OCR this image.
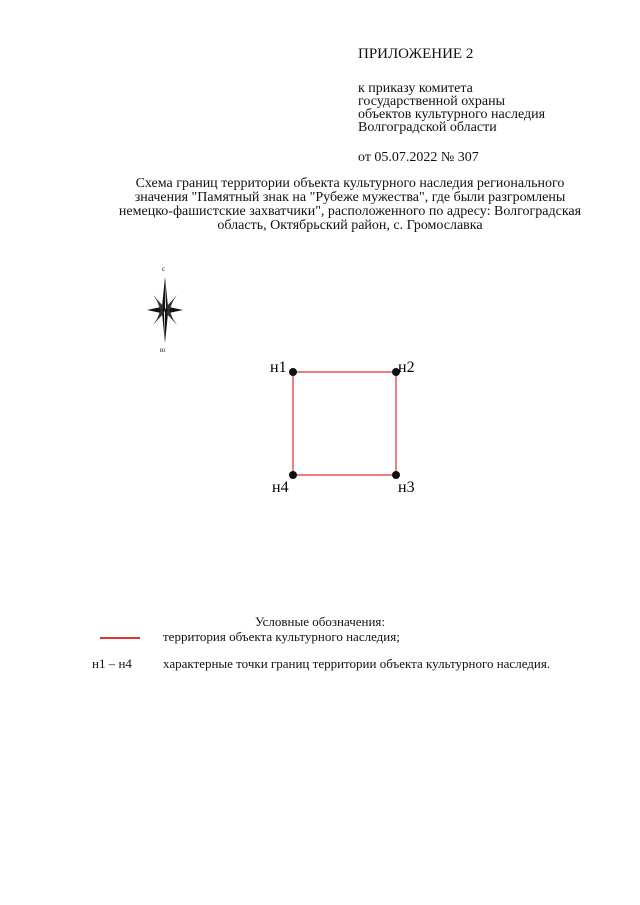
ПРИЛОЖЕНИЕ 2
к приказу комитета
государственной охраны
объектов культурного наследия
Волгоградской области
от 05.07.2022 № 307
Схема границ территории объекта культурного наследия регионального
значения "Памятный знак на "Рубеже мужества", где были разгромлены
немецко-фашистские захватчики", расположенного по адресу: Волгоградская
область, Октябрьский район, с. Громославка
с
ю
н1	н2
н3
н4
Условные обозначения:
территория объекта культурного наследия;
н1 – н4 характерные точки границ территории объекта культурного наследия.
